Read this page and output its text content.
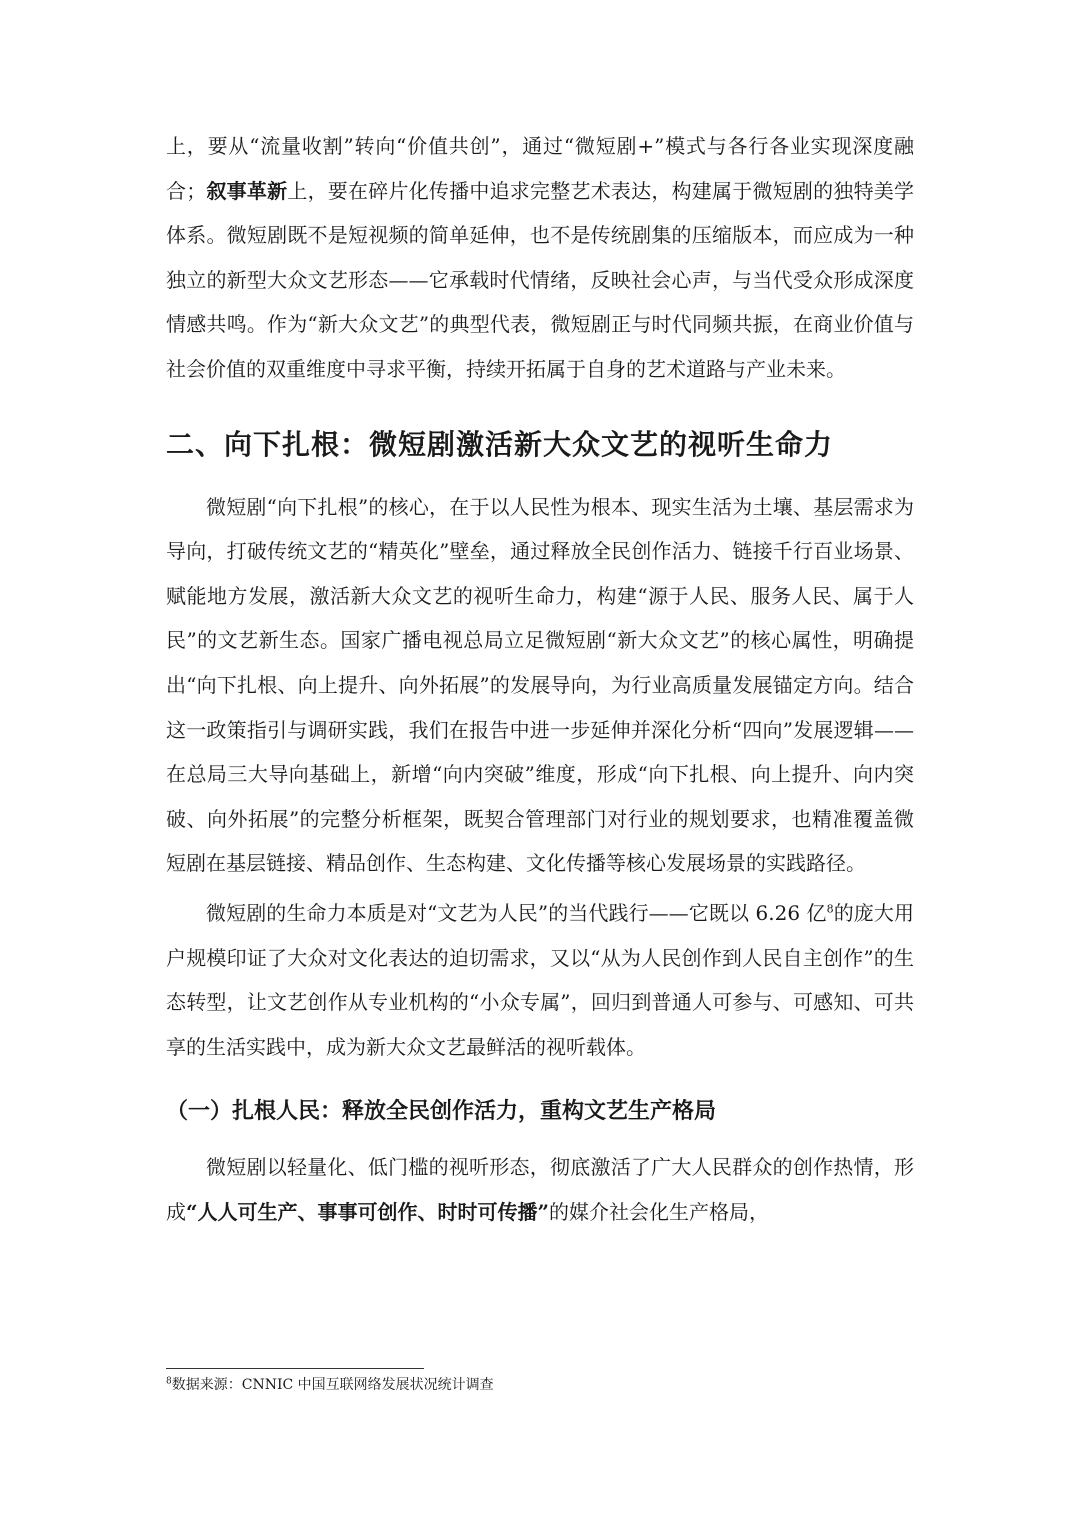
上，要从“流量收割”转向“价值共创”，通过“微短剧+”模式与各行各业实现深度融合；叙事革新上，要在碎片化传播中追求完整艺术表达，构建属于微短剧的独特美学体系。微短剧既不是短视频的简单延伸，也不是传统剧集的压缩版本，而应成为一种独立的新型大众文艺形态——它承载时代情绪，反映社会心声，与当代受众形成深度情感共鸣。作为“新大众文艺”的典型代表，微短剧正与时代同频共振，在商业价值与社会价值的双重维度中寻求平衡，持续开拓属于自身的艺术道路与产业未来。

二、向下扎根：微短剧激活新大众文艺的视听生命力

微短剧“向下扎根”的核心，在于以人民性为根本、现实生活为土壤、基层需求为导向，打破传统文艺的“精英化”壁垒，通过释放全民创作活力、链接千行百业场景、赋能地方发展，激活新大众文艺的视听生命力，构建“源于人民、服务人民、属于人民”的文艺新生态。国家广播电视总局立足微短剧“新大众文艺”的核心属性，明确提出“向下扎根、向上提升、向外拓展”的发展导向，为行业高质量发展锚定方向。结合这一政策指引与调研实践，我们在报告中进一步延伸并深化分析“四向”发展逻辑——在总局三大导向基础上，新增“向内突破”维度，形成“向下扎根、向上提升、向内突破、向外拓展”的完整分析框架，既契合管理部门对行业的规划要求，也精准覆盖微短剧在基层链接、精品创作、生态构建、文化传播等核心发展场景的实践路径。

微短剧的生命力本质是对“文艺为人民”的当代践行——它既以 6.26 亿$^8$的庞大用户规模印证了大众对文化表达的迫切需求，又以“从为人民创作到人民自主创作”的生态转型，让文艺创作从专业机构的“小众专属”，回归到普通人可参与、可感知、可共享的生活实践中，成为新大众文艺最鲜活的视听载体。

（一）扎根人民：释放全民创作活力，重构文艺生产格局

微短剧以轻量化、低门槛的视听形态，彻底激活了广大人民群众的创作热情，形成“人人可生产、事事可创作、时时可传播”的媒介社会化生产格局，

$^8$数据来源：CNNIC 中国互联网络发展状况统计调查
